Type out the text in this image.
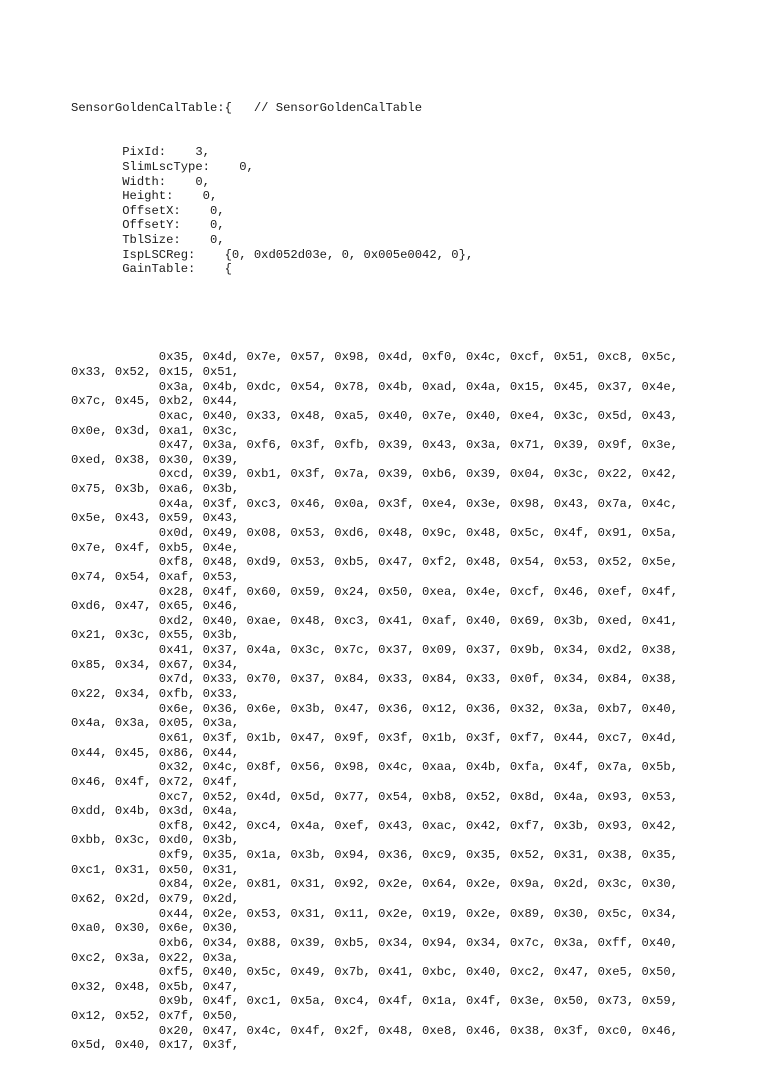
SensorGoldenCalTable:{   // SensorGoldenCalTable

PixId:    3,
SlimLscType:    0,
Width:    0,
Height:    0,
OffsetX:    0,
OffsetY:    0,
TblSize:    0,
IspLSCReg:    {0, 0xd052d03e, 0, 0x005e0042, 0},
GainTable:    {

0x35, 0x4d, 0x7e, 0x57, 0x98, 0x4d, 0xf0, 0x4c, 0xcf, 0x51, 0xc8, 0x5c,
0x33, 0x52, 0x15, 0x51,
0x3a, 0x4b, 0xdc, 0x54, 0x78, 0x4b, 0xad, 0x4a, 0x15, 0x45, 0x37, 0x4e,
0x7c, 0x45, 0xb2, 0x44,
0xac, 0x40, 0x33, 0x48, 0xa5, 0x40, 0x7e, 0x40, 0xe4, 0x3c, 0x5d, 0x43,
0x0e, 0x3d, 0xa1, 0x3c,
0x47, 0x3a, 0xf6, 0x3f, 0xfb, 0x39, 0x43, 0x3a, 0x71, 0x39, 0x9f, 0x3e,
0xed, 0x38, 0x30, 0x39,
0xcd, 0x39, 0xb1, 0x3f, 0x7a, 0x39, 0xb6, 0x39, 0x04, 0x3c, 0x22, 0x42,
0x75, 0x3b, 0xa6, 0x3b,
0x4a, 0x3f, 0xc3, 0x46, 0x0a, 0x3f, 0xe4, 0x3e, 0x98, 0x43, 0x7a, 0x4c,
0x5e, 0x43, 0x59, 0x43,
0x0d, 0x49, 0x08, 0x53, 0xd6, 0x48, 0x9c, 0x48, 0x5c, 0x4f, 0x91, 0x5a,
0x7e, 0x4f, 0xb5, 0x4e,
0xf8, 0x48, 0xd9, 0x53, 0xb5, 0x47, 0xf2, 0x48, 0x54, 0x53, 0x52, 0x5e,
0x74, 0x54, 0xaf, 0x53,
0x28, 0x4f, 0x60, 0x59, 0x24, 0x50, 0xea, 0x4e, 0xcf, 0x46, 0xef, 0x4f,
0xd6, 0x47, 0x65, 0x46,
0xd2, 0x40, 0xae, 0x48, 0xc3, 0x41, 0xaf, 0x40, 0x69, 0x3b, 0xed, 0x41,
0x21, 0x3c, 0x55, 0x3b,
0x41, 0x37, 0x4a, 0x3c, 0x7c, 0x37, 0x09, 0x37, 0x9b, 0x34, 0xd2, 0x38,
0x85, 0x34, 0x67, 0x34,
0x7d, 0x33, 0x70, 0x37, 0x84, 0x33, 0x84, 0x33, 0x0f, 0x34, 0x84, 0x38,
0x22, 0x34, 0xfb, 0x33,
0x6e, 0x36, 0x6e, 0x3b, 0x47, 0x36, 0x12, 0x36, 0x32, 0x3a, 0xb7, 0x40,
0x4a, 0x3a, 0x05, 0x3a,
0x61, 0x3f, 0x1b, 0x47, 0x9f, 0x3f, 0x1b, 0x3f, 0xf7, 0x44, 0xc7, 0x4d,
0x44, 0x45, 0x86, 0x44,
0x32, 0x4c, 0x8f, 0x56, 0x98, 0x4c, 0xaa, 0x4b, 0xfa, 0x4f, 0x7a, 0x5b,
0x46, 0x4f, 0x72, 0x4f,
0xc7, 0x52, 0x4d, 0x5d, 0x77, 0x54, 0xb8, 0x52, 0x8d, 0x4a, 0x93, 0x53,
0xdd, 0x4b, 0x3d, 0x4a,
0xf8, 0x42, 0xc4, 0x4a, 0xef, 0x43, 0xac, 0x42, 0xf7, 0x3b, 0x93, 0x42,
0xbb, 0x3c, 0xd0, 0x3b,
0xf9, 0x35, 0x1a, 0x3b, 0x94, 0x36, 0xc9, 0x35, 0x52, 0x31, 0x38, 0x35,
0xc1, 0x31, 0x50, 0x31,
0x84, 0x2e, 0x81, 0x31, 0x92, 0x2e, 0x64, 0x2e, 0x9a, 0x2d, 0x3c, 0x30,
0x62, 0x2d, 0x79, 0x2d,
0x44, 0x2e, 0x53, 0x31, 0x11, 0x2e, 0x19, 0x2e, 0x89, 0x30, 0x5c, 0x34,
0xa0, 0x30, 0x6e, 0x30,
0xb6, 0x34, 0x88, 0x39, 0xb5, 0x34, 0x94, 0x34, 0x7c, 0x3a, 0xff, 0x40,
0xc2, 0x3a, 0x22, 0x3a,
0xf5, 0x40, 0x5c, 0x49, 0x7b, 0x41, 0xbc, 0x40, 0xc2, 0x47, 0xe5, 0x50,
0x32, 0x48, 0x5b, 0x47,
0x9b, 0x4f, 0xc1, 0x5a, 0xc4, 0x4f, 0x1a, 0x4f, 0x3e, 0x50, 0x73, 0x59,
0x12, 0x52, 0x7f, 0x50,
0x20, 0x47, 0x4c, 0x4f, 0x2f, 0x48, 0xe8, 0x46, 0x38, 0x3f, 0xc0, 0x46,
0x5d, 0x40, 0x17, 0x3f,
